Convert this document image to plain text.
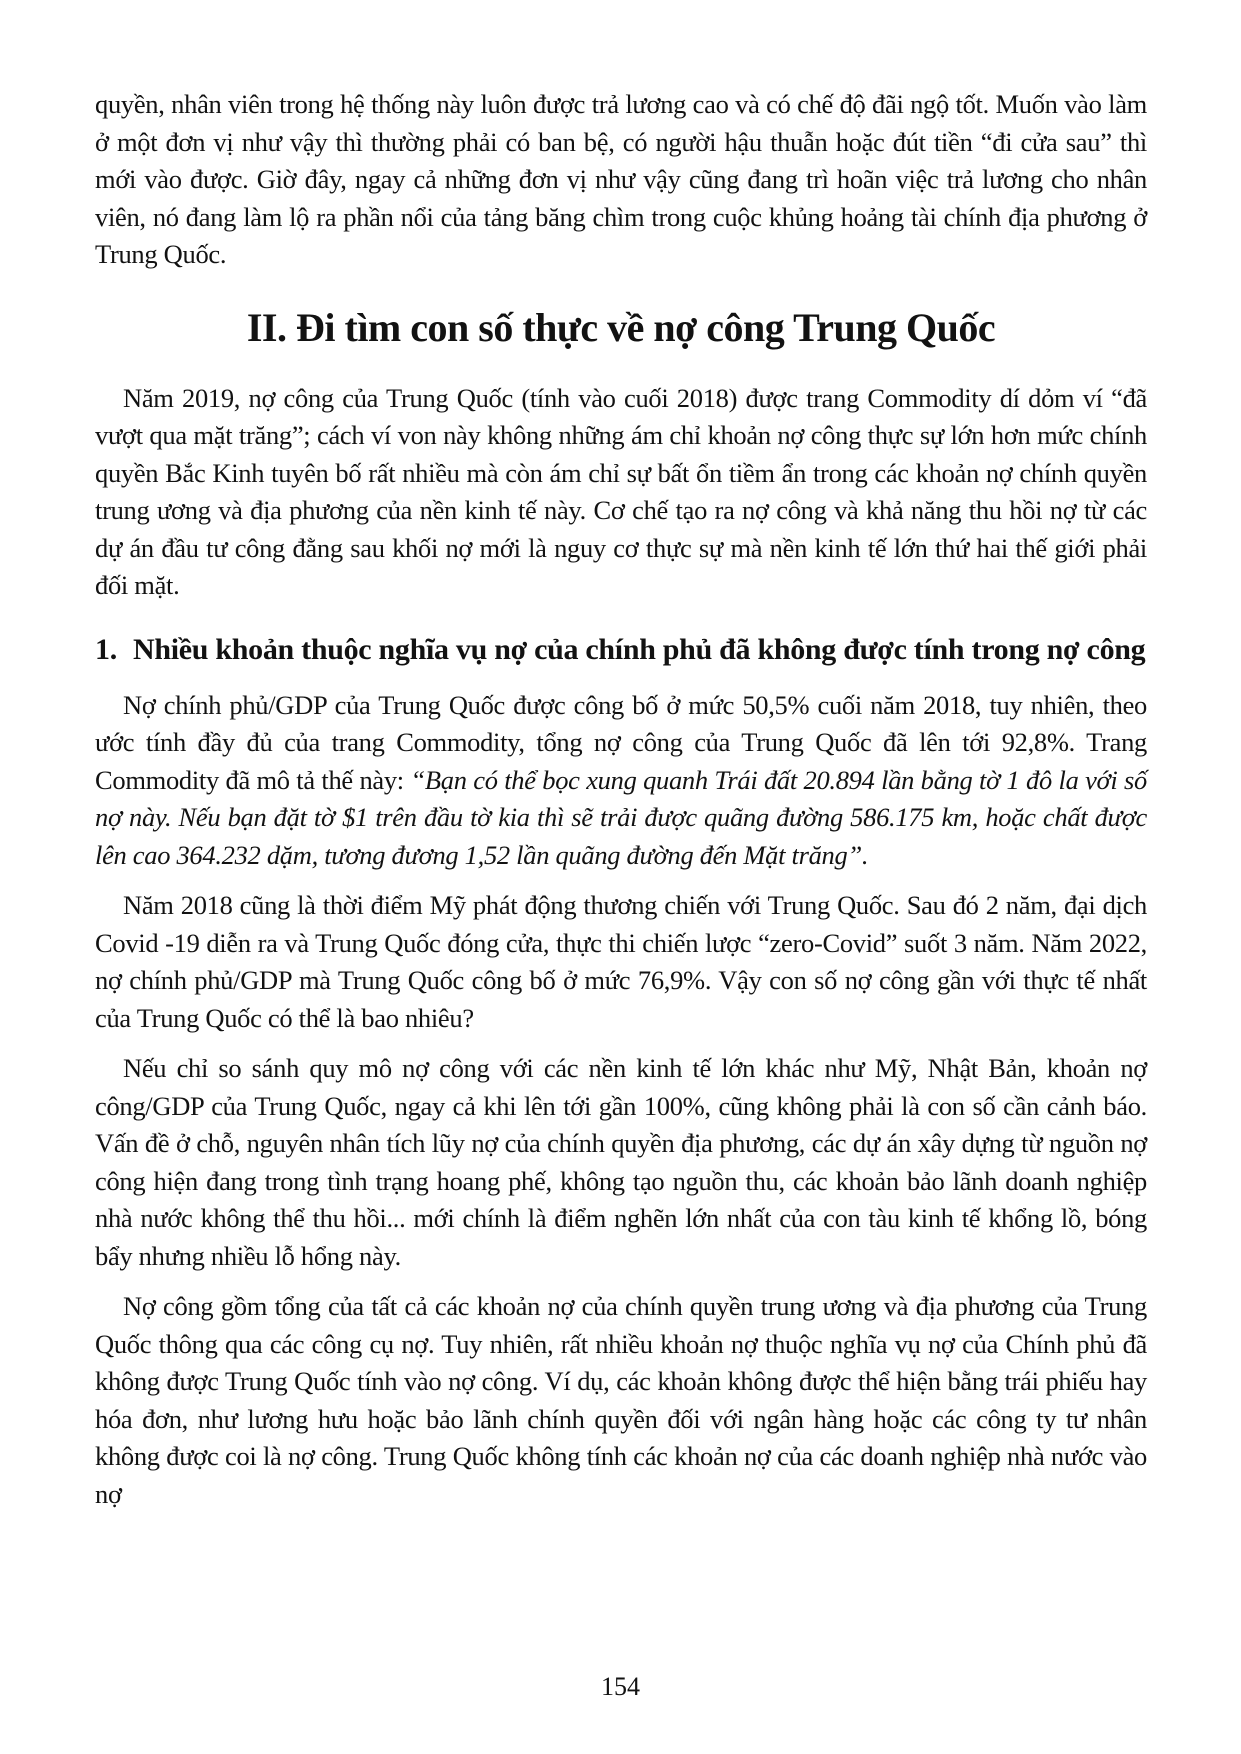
quyền, nhân viên trong hệ thống này luôn được trả lương cao và có chế độ đãi ngộ tốt. Muốn vào làm ở một đơn vị như vậy thì thường phải có ban bệ, có người hậu thuẫn hoặc đút tiền “đi cửa sau” thì mới vào được. Giờ đây, ngay cả những đơn vị như vậy cũng đang trì hoãn việc trả lương cho nhân viên, nó đang làm lộ ra phần nổi của tảng băng chìm trong cuộc khủng hoảng tài chính địa phương ở Trung Quốc.

II. Đi tìm con số thực về nợ công Trung Quốc

Năm 2019, nợ công của Trung Quốc (tính vào cuối 2018) được trang Commodity dí dỏm ví “đã vượt qua mặt trăng”; cách ví von này không những ám chỉ khoản nợ công thực sự lớn hơn mức chính quyền Bắc Kinh tuyên bố rất nhiều mà còn ám chỉ sự bất ổn tiềm ẩn trong các khoản nợ chính quyền trung ương và địa phương của nền kinh tế này. Cơ chế tạo ra nợ công và khả năng thu hồi nợ từ các dự án đầu tư công đằng sau khối nợ mới là nguy cơ thực sự mà nền kinh tế lớn thứ hai thế giới phải đối mặt.

1. Nhiều khoản thuộc nghĩa vụ nợ của chính phủ đã không được tính trong nợ công

Nợ chính phủ/GDP của Trung Quốc được công bố ở mức 50,5% cuối năm 2018, tuy nhiên, theo ước tính đầy đủ của trang Commodity, tổng nợ công của Trung Quốc đã lên tới 92,8%. Trang Commodity đã mô tả thế này: “Bạn có thể bọc xung quanh Trái đất 20.894 lần bằng tờ 1 đô la với số nợ này. Nếu bạn đặt tờ $1 trên đầu tờ kia thì sẽ trải được quãng đường 586.175 km, hoặc chất được lên cao 364.232 dặm, tương đương 1,52 lần quãng đường đến Mặt trăng”.

Năm 2018 cũng là thời điểm Mỹ phát động thương chiến với Trung Quốc. Sau đó 2 năm, đại dịch Covid -19 diễn ra và Trung Quốc đóng cửa, thực thi chiến lược “zero-Covid” suốt 3 năm. Năm 2022, nợ chính phủ/GDP mà Trung Quốc công bố ở mức 76,9%. Vậy con số nợ công gần với thực tế nhất của Trung Quốc có thể là bao nhiêu?

Nếu chỉ so sánh quy mô nợ công với các nền kinh tế lớn khác như Mỹ, Nhật Bản, khoản nợ công/GDP của Trung Quốc, ngay cả khi lên tới gần 100%, cũng không phải là con số cần cảnh báo. Vấn đề ở chỗ, nguyên nhân tích lũy nợ của chính quyền địa phương, các dự án xây dựng từ nguồn nợ công hiện đang trong tình trạng hoang phế, không tạo nguồn thu, các khoản bảo lãnh doanh nghiệp nhà nước không thể thu hồi... mới chính là điểm nghẽn lớn nhất của con tàu kinh tế khổng lồ, bóng bẩy nhưng nhiều lỗ hổng này.

Nợ công gồm tổng của tất cả các khoản nợ của chính quyền trung ương và địa phương của Trung Quốc thông qua các công cụ nợ. Tuy nhiên, rất nhiều khoản nợ thuộc nghĩa vụ nợ của Chính phủ đã không được Trung Quốc tính vào nợ công. Ví dụ, các khoản không được thể hiện bằng trái phiếu hay hóa đơn, như lương hưu hoặc bảo lãnh chính quyền đối với ngân hàng hoặc các công ty tư nhân không được coi là nợ công. Trung Quốc không tính các khoản nợ của các doanh nghiệp nhà nước vào nợ

154
